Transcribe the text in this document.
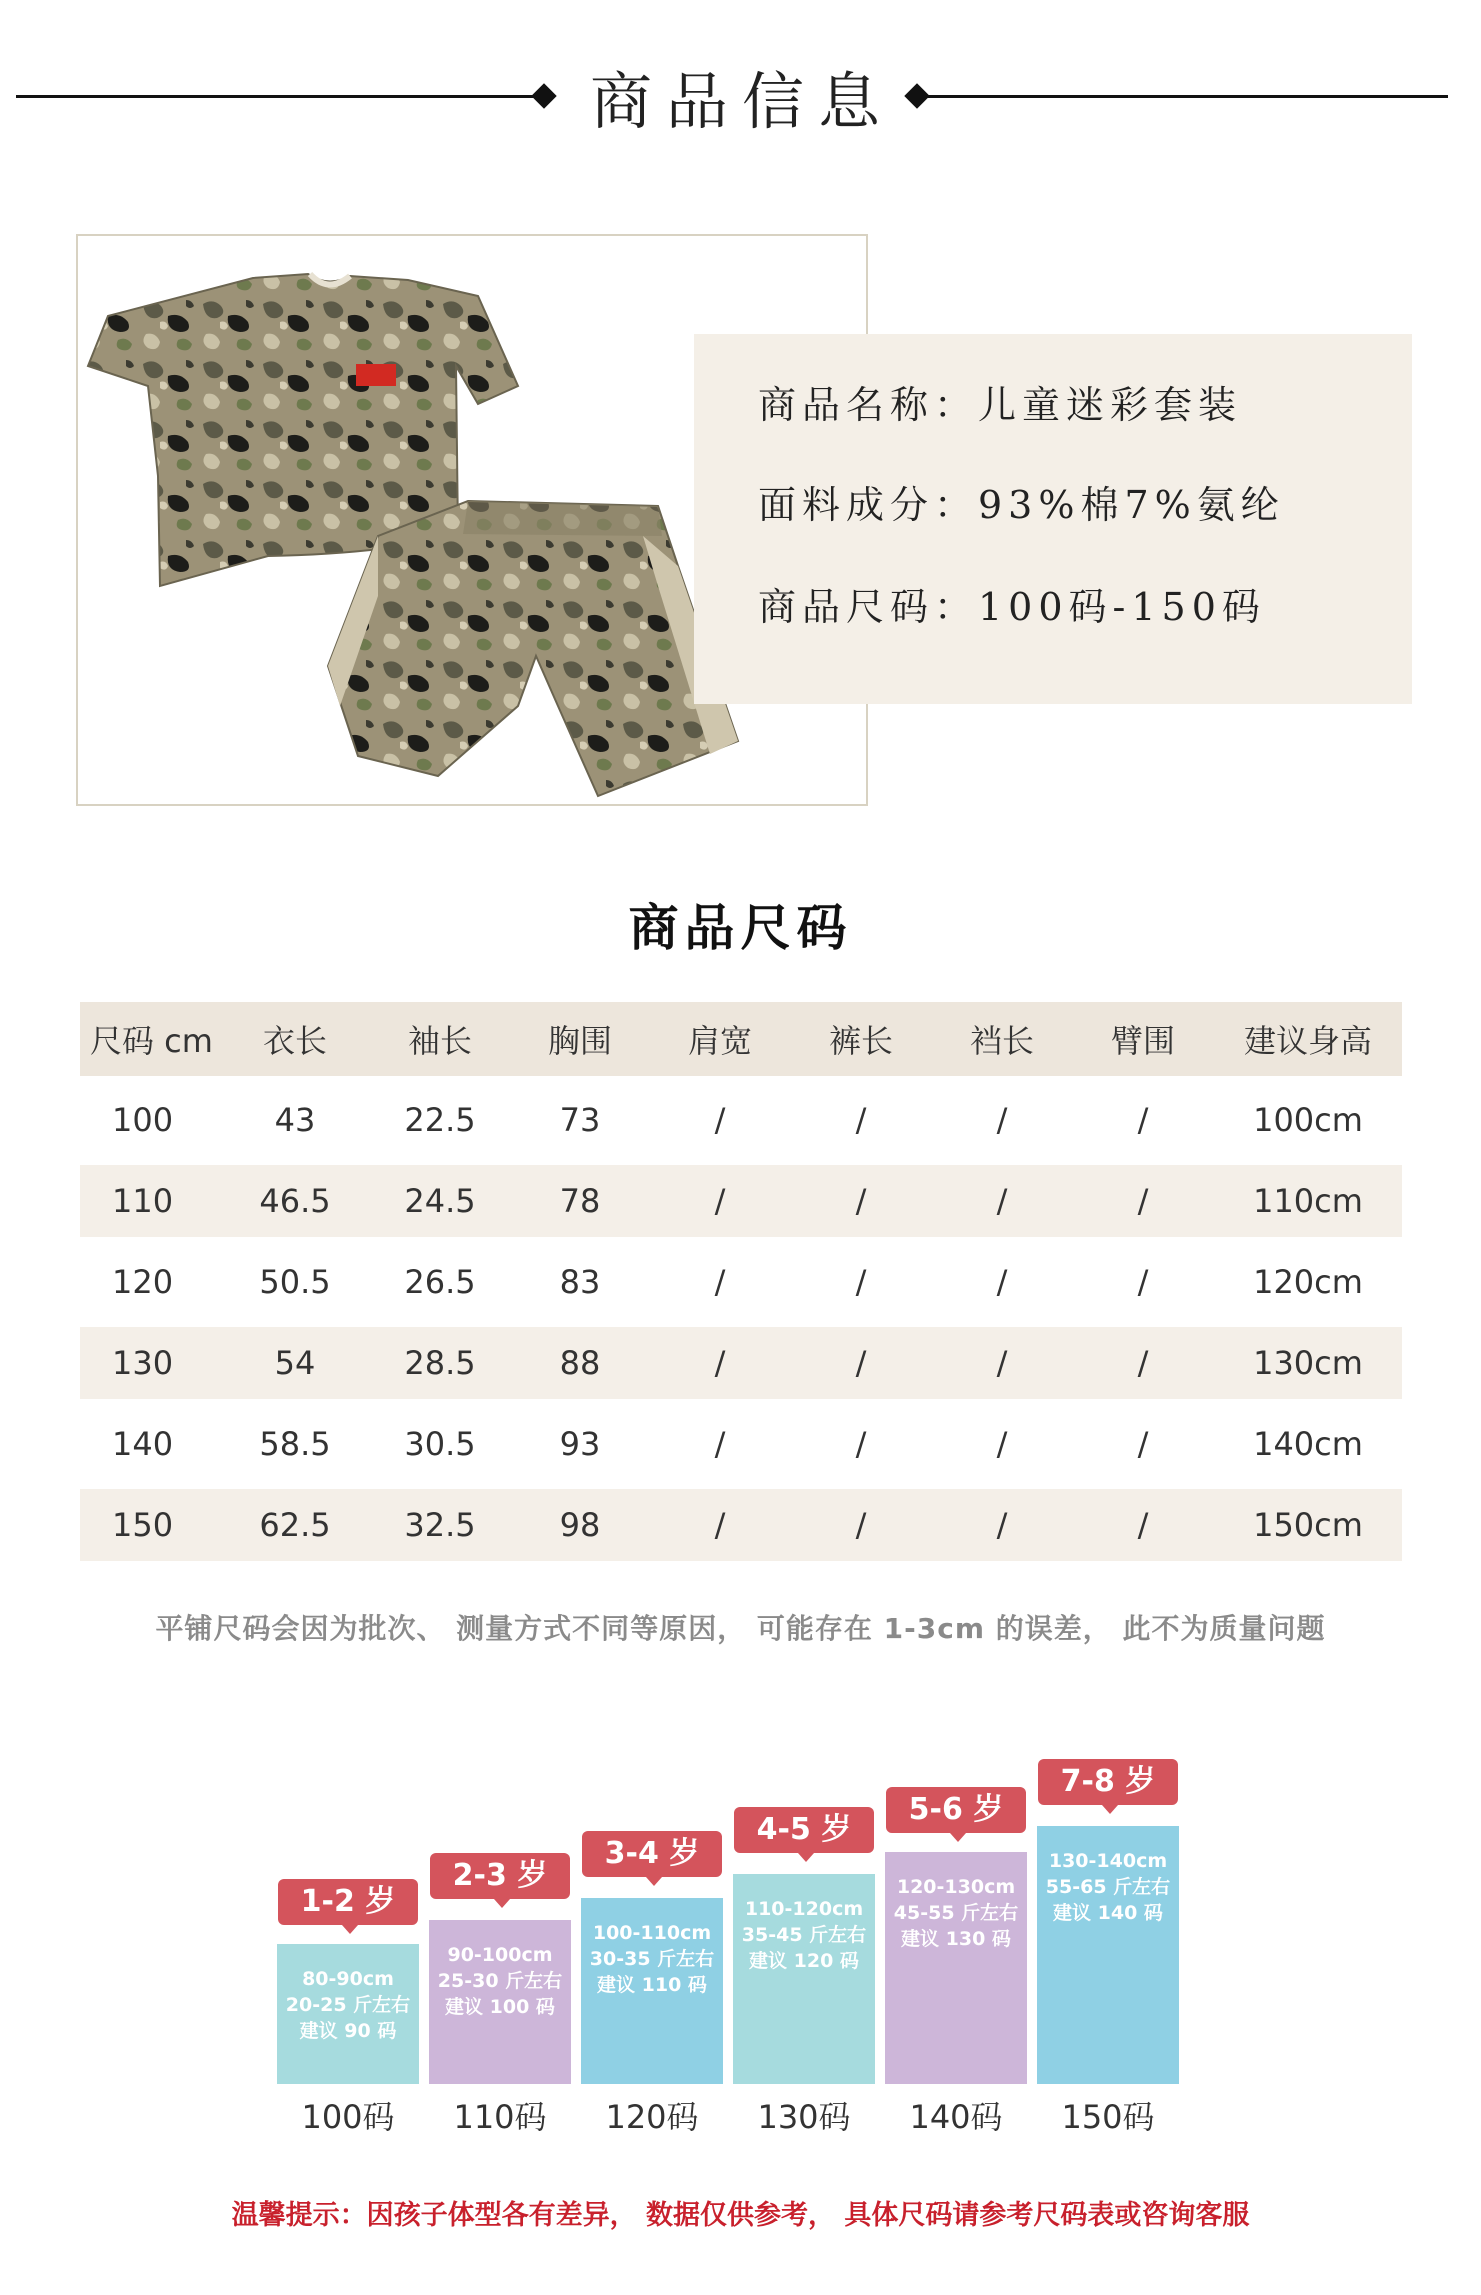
商品信息
商品名称：儿童迷彩套装
面料成分：93%棉7%氨纶
商品尺码：100码-150码
商品尺码
尺码 cm	衣长	袖长	胸围	肩宽	裤长	裆长	臂围	建议身高
100	43	22.5	73	/	/	/	/	100cm
110	46.5	24.5	78	/	/	/	/	110cm
120	50.5	26.5	83	/	/	/	/	120cm
130	54	28.5	88	/	/	/	/	130cm
140	58.5	30.5	93	/	/	/	/	140cm
150	62.5	32.5	98	/	/	/	/	150cm
平铺尺码会因为批次、 测量方式不同等原因， 可能存在 1-3cm 的误差， 此不为质量问题
80-90cm
20-25 斤左右
建议 90 码
1-2 岁
100码
90-100cm
25-30 斤左右
建议 100 码
2-3 岁
110码
100-110cm
30-35 斤左右
建议 110 码
3-4 岁
120码
110-120cm
35-45 斤左右
建议 120 码
4-5 岁
130码
120-130cm
45-55 斤左右
建议 130 码
5-6 岁
140码
130-140cm
55-65 斤左右
建议 140 码
7-8 岁
150码
温馨提示：因孩子体型各有差异， 数据仅供参考， 具体尺码请参考尺码表或咨询客服
